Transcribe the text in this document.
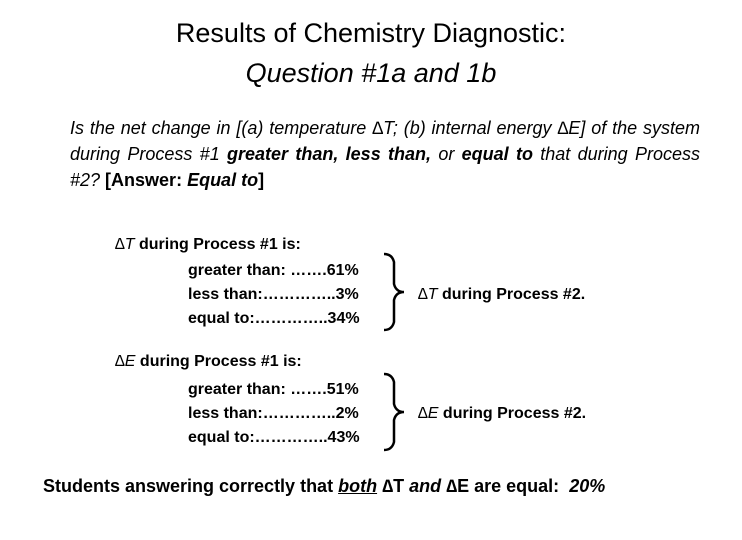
Results of Chemistry Diagnostic:
Question #1a and 1b
Is the net change in [(a) temperature ∆T; (b) internal energy ∆E] of the system during Process #1 greater than, less than, or equal to that during Process #2? [Answer: Equal to]
∆T during Process #1 is:
greater than: …….61%
less than:…………..3%
equal to:…………..34%
∆T during Process #2.
∆E during Process #1 is:
greater than: …….51%
less than:…………..2%
equal to:…………..43%
∆E during Process #2.
Students answering correctly that both ∆T and ∆E are equal:  20%
